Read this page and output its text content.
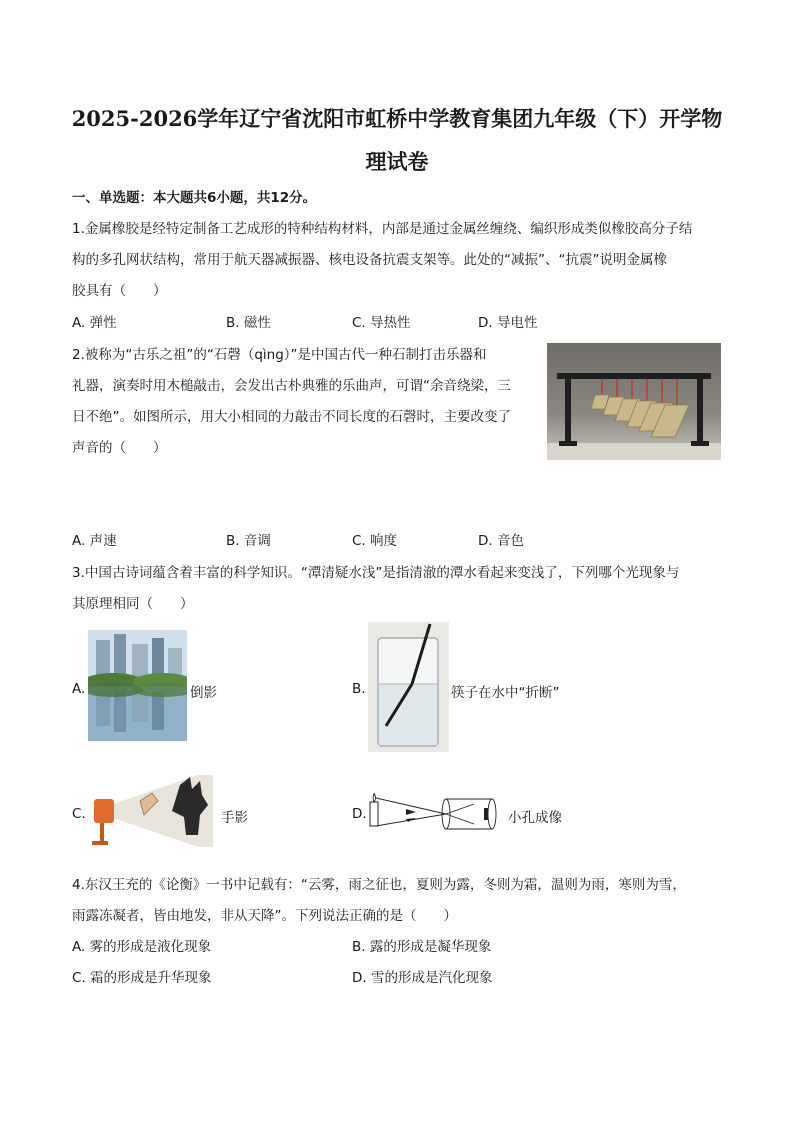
2025-2026学年辽宁省沈阳市虹桥中学教育集团九年级（下）开学物
理试卷
一、单选题：本大题共6小题，共12分。
1.金属橡胶是经特定制备工艺成形的特种结构材料，内部是通过金属丝缠绕、编织形成类似橡胶高分子结
构的多孔网状结构，常用于航天器减振器、核电设备抗震支架等。此处的“减振”、“抗震”说明金属橡
胶具有（　　）
A. 弹性	B. 磁性	C. 导热性	D. 导电性
2.被称为“古乐之祖”的“石磬（qìng）”是中国古代一种石制打击乐器和
礼器，演奏时用木槌敲击，会发出古朴典雅的乐曲声，可谓“余音绕梁，三
日不绝”。如图所示，用大小相同的力敲击不同长度的石磬时，主要改变了
声音的（　　）
A. 声速	B. 音调	C. 响度	D. 音色
3.中国古诗词蕴含着丰富的科学知识。“潭清疑水浅”是指清澈的潭水看起来变浅了，下列哪个光现象与
其原理相同（　　）
A.	倒影	B.	筷子在水中“折断”
C.	手影	D.	小孔成像
4.东汉王充的《论衡》一书中记载有：“云雾，雨之征也，夏则为露，冬则为霜，温则为雨，寒则为雪，
雨露冻凝者，皆由地发，非从天降”。下列说法正确的是（　　）
A. 雾的形成是液化现象	B. 露的形成是凝华现象
C. 霜的形成是升华现象	D. 雪的形成是汽化现象
